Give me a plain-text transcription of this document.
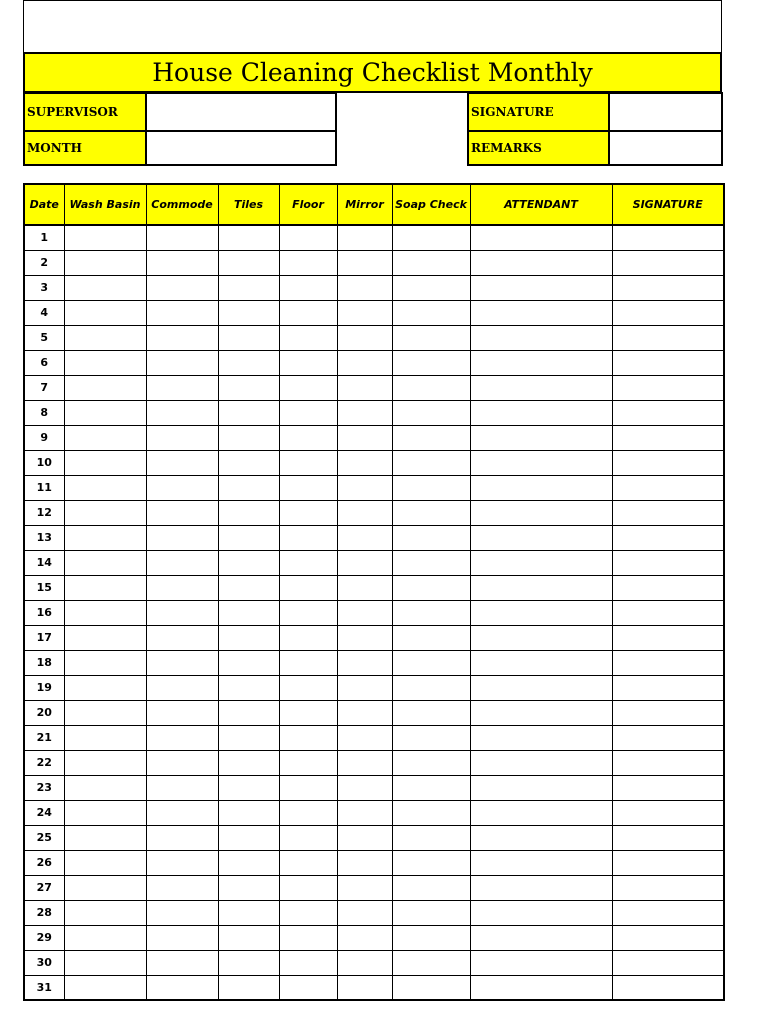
House Cleaning Checklist Monthly
SUPERVISOR
MONTH
SIGNATURE
REMARKS
Date	Wash Basin	Commode	Tiles	Floor	Mirror	Soap Check	ATTENDANT	SIGNATURE
1								
2								
3								
4								
5								
6								
7								
8								
9								
10								
11								
12								
13								
14								
15								
16								
17								
18								
19								
20								
21								
22								
23								
24								
25								
26								
27								
28								
29								
30								
31								
